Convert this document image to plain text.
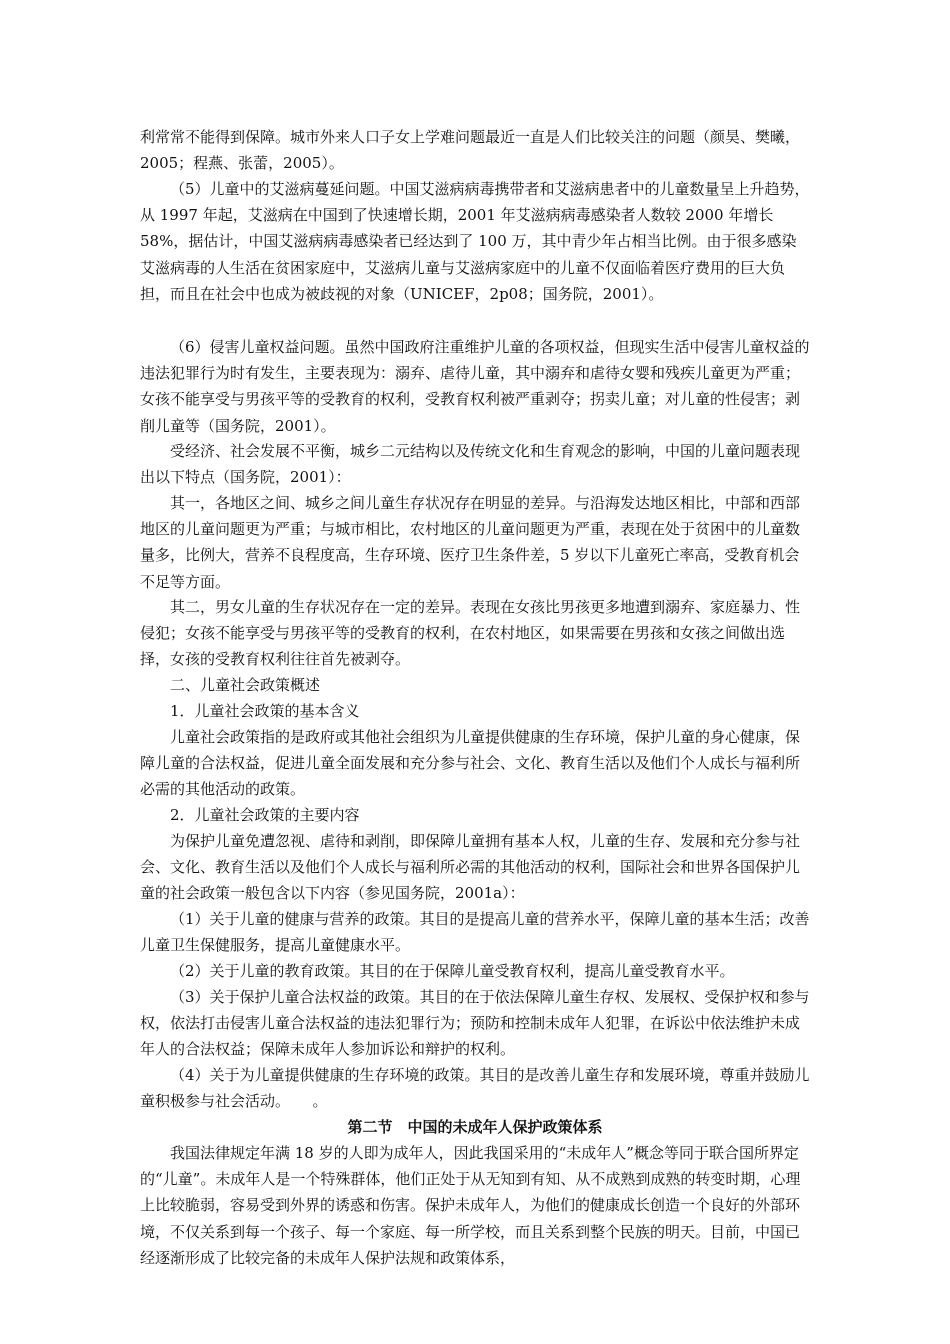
利常常不能得到保障。城市外来人口子女上学难问题最近一直是人们比较关注的问题（颜昊、樊曦，2005；程燕、张蕾，2005）。

（5）儿童中的艾滋病蔓延问题。中国艾滋病病毒携带者和艾滋病患者中的儿童数量呈上升趋势，从 1997 年起，艾滋病在中国到了快速增长期，2001 年艾滋病病毒感染者人数较 2000 年增长 58%，据估计，中国艾滋病病毒感染者已经达到了 100 万，其中青少年占相当比例。由于很多感染艾滋病毒的人生活在贫困家庭中，艾滋病儿童与艾滋病家庭中的儿童不仅面临着医疗费用的巨大负担，而且在社会中也成为被歧视的对象（UNICEF，2p08；国务院，2001）。

（6）侵害儿童权益问题。虽然中国政府注重维护儿童的各项权益，但现实生活中侵害儿童权益的违法犯罪行为时有发生，主要表现为：溺弃、虐待儿童，其中溺弃和虐待女婴和残疾儿童更为严重；女孩不能享受与男孩平等的受教育的权利，受教育权利被严重剥夺；拐卖儿童；对儿童的性侵害；剥削儿童等（国务院，2001）。

受经济、社会发展不平衡，城乡二元结构以及传统文化和生育观念的影响，中国的儿童问题表现出以下特点（国务院，2001）：

其一，各地区之间、城乡之间儿童生存状况存在明显的差异。与沿海发达地区相比，中部和西部地区的儿童问题更为严重；与城市相比，农村地区的儿童问题更为严重，表现在处于贫困中的儿童数量多，比例大，营养不良程度高，生存环境、医疗卫生条件差，5 岁以下儿童死亡率高，受教育机会不足等方面。

其二，男女儿童的生存状况存在一定的差异。表现在女孩比男孩更多地遭到溺弃、家庭暴力、性侵犯；女孩不能享受与男孩平等的受教育的权利，在农村地区，如果需要在男孩和女孩之间做出选择，女孩的受教育权利往往首先被剥夺。

二、儿童社会政策概述

1．儿童社会政策的基本含义

儿童社会政策指的是政府或其他社会组织为儿童提供健康的生存环境，保护儿童的身心健康，保障儿童的合法权益，促进儿童全面发展和充分参与社会、文化、教育生活以及他们个人成长与福利所必需的其他活动的政策。

2．儿童社会政策的主要内容

为保护儿童免遭忽视、虐待和剥削，即保障儿童拥有基本人权，儿童的生存、发展和充分参与社会、文化、教育生活以及他们个人成长与福利所必需的其他活动的权利，国际社会和世界各国保护儿童的社会政策一般包含以下内容（参见国务院，2001a）：

（1）关于儿童的健康与营养的政策。其目的是提高儿童的营养水平，保障儿童的基本生活；改善儿童卫生保健服务，提高儿童健康水平。

（2）关于儿童的教育政策。其目的在于保障儿童受教育权利，提高儿童受教育水平。

（3）关于保护儿童合法权益的政策。其目的在于依法保障儿童生存权、发展权、受保护权和参与权，依法打击侵害儿童合法权益的违法犯罪行为；预防和控制未成年人犯罪，在诉讼中依法维护未成年人的合法权益；保障未成年人参加诉讼和辩护的权利。

（4）关于为儿童提供健康的生存环境的政策。其目的是改善儿童生存和发展环境，尊重并鼓励儿童积极参与社会活动。　　。

第二节　中国的未成年人保护政策体系

我国法律规定年满 18 岁的人即为成年人，因此我国采用的“未成年人”概念等同于联合国所界定的“儿童”。未成年人是一个特殊群体，他们正处于从无知到有知、从不成熟到成熟的转变时期，心理上比较脆弱，容易受到外界的诱惑和伤害。保护未成年人，为他们的健康成长创造一个良好的外部环境，不仅关系到每一个孩子、每一个家庭、每一所学校，而且关系到整个民族的明天。目前，中国已经逐渐形成了比较完备的未成年人保护法规和政策体系，
